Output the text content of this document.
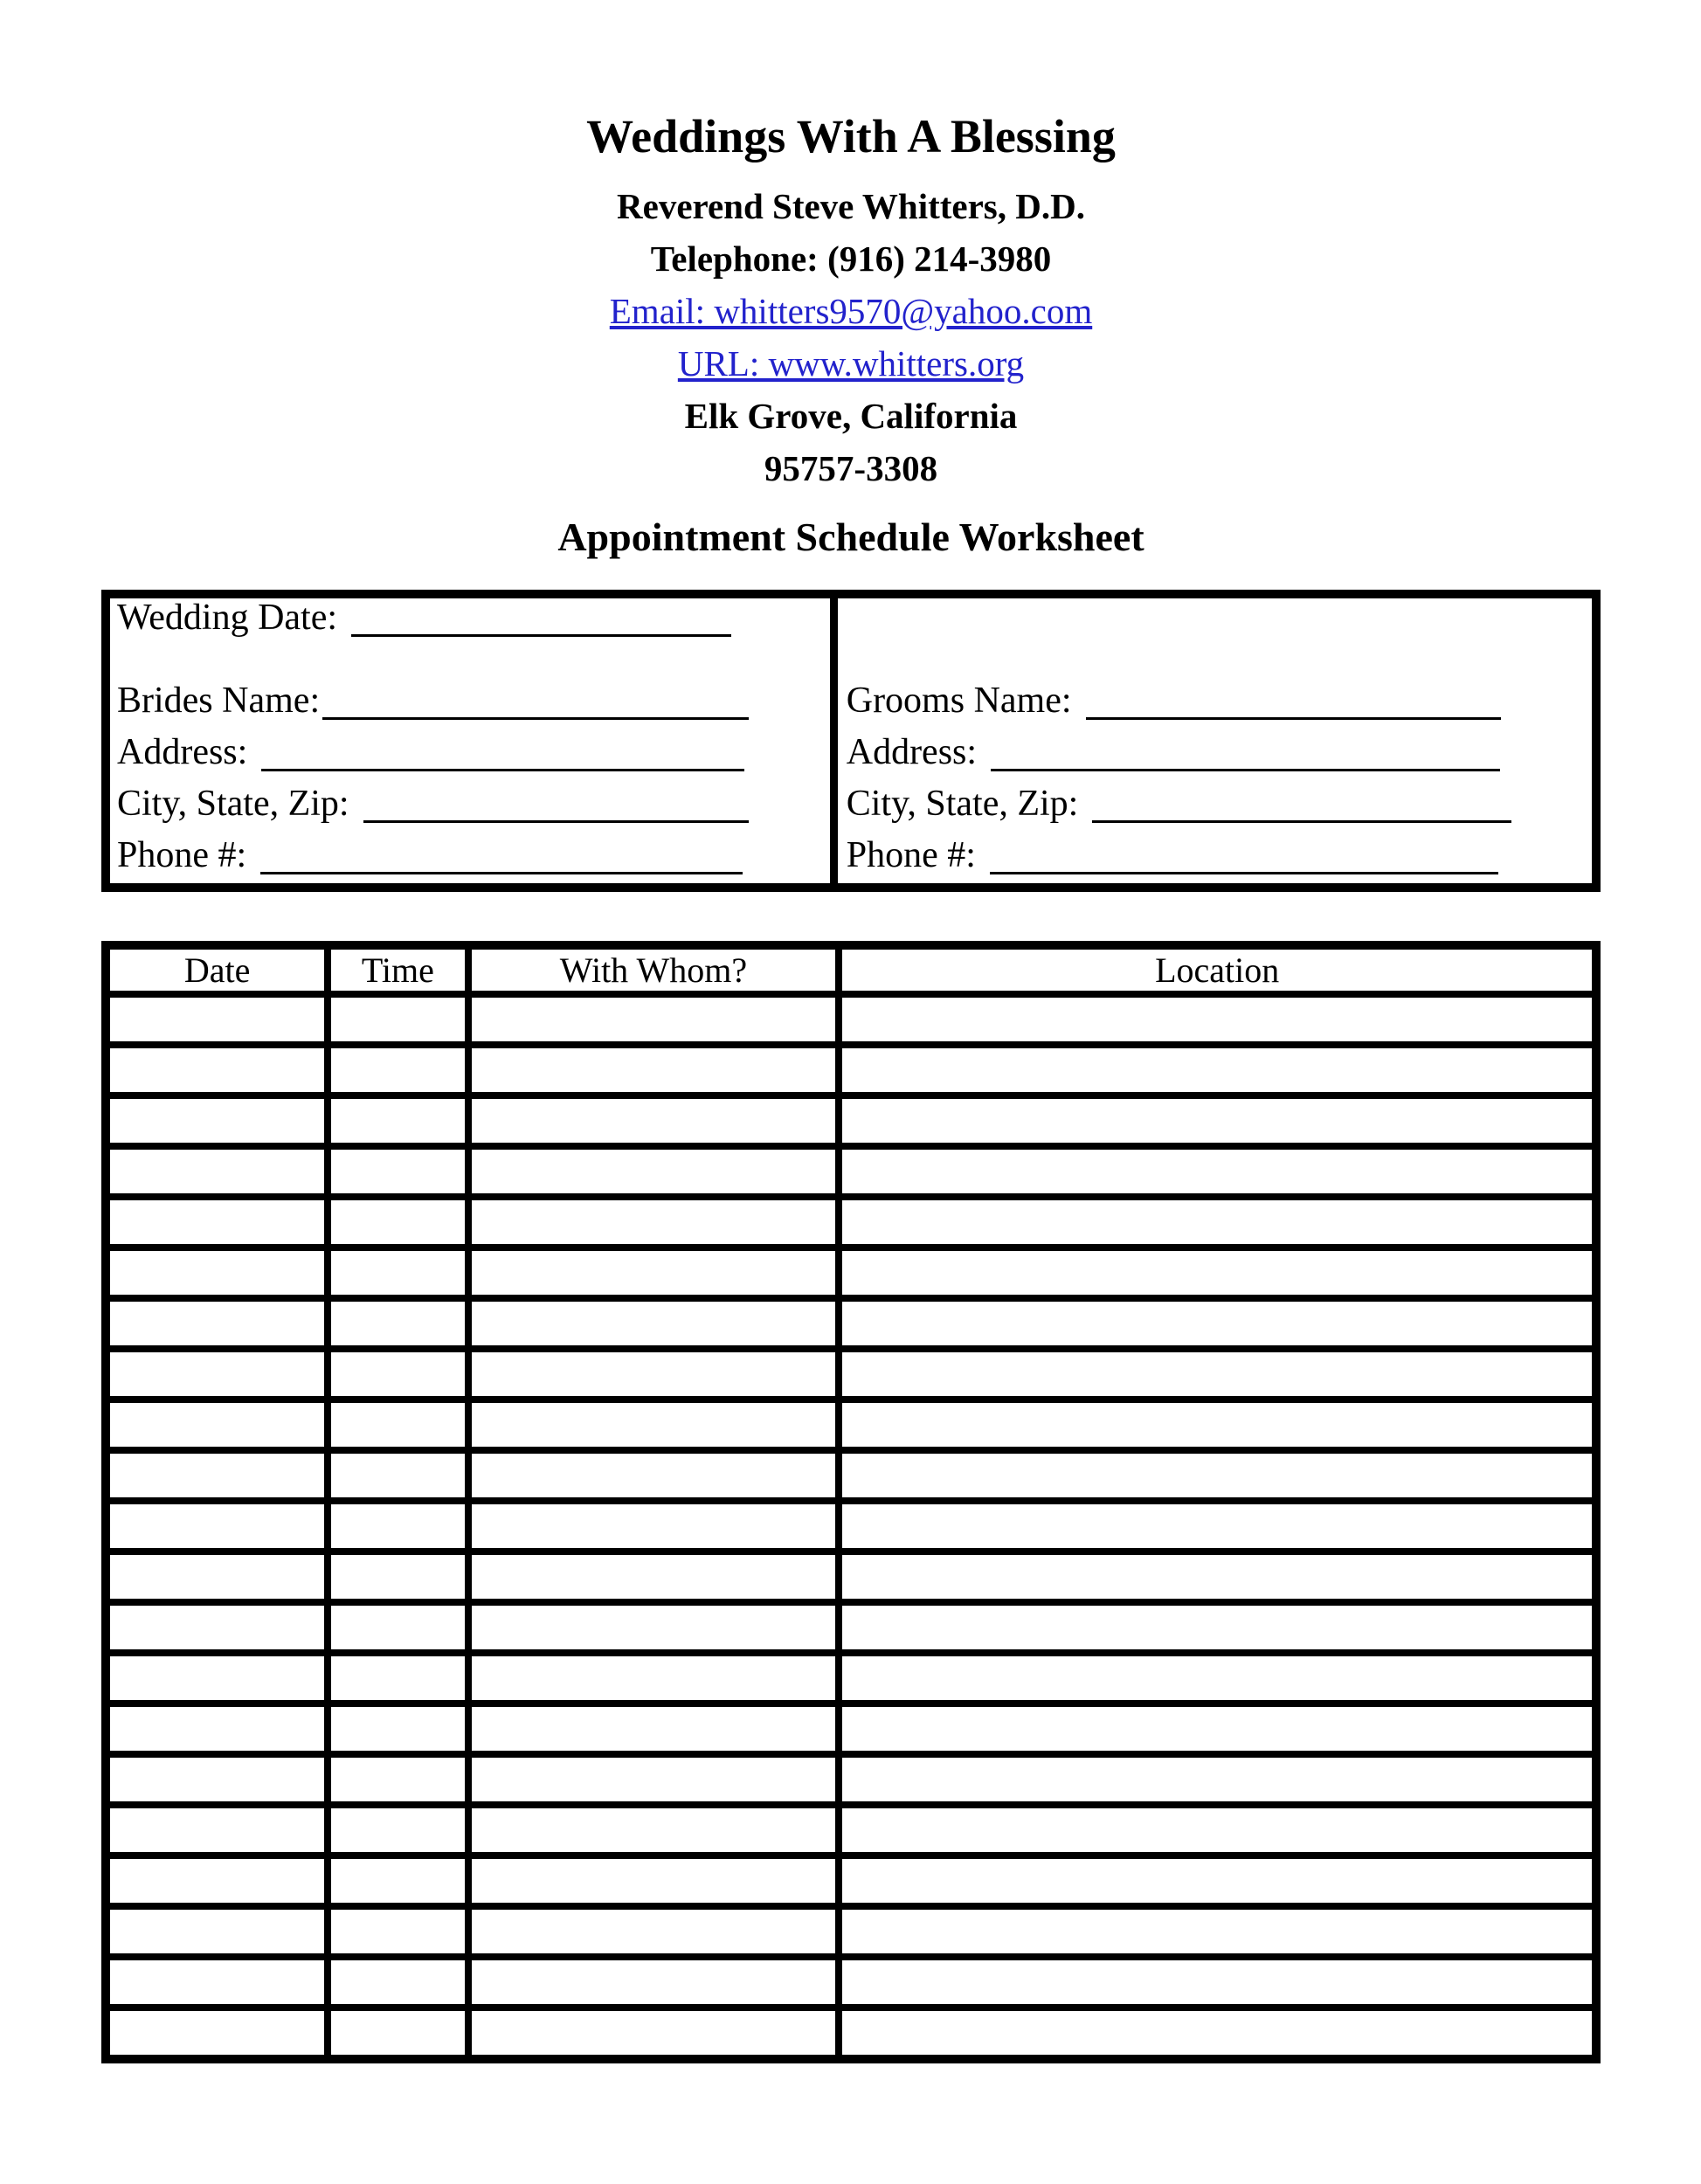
Weddings With A Blessing
Reverend Steve Whitters, D.D.
Telephone: (916) 214-3980
Email: whitters9570@yahoo.com
URL: www.whitters.org
Elk Grove, California
95757-3308
Appointment Schedule Worksheet
Wedding Date:
Brides Name:
Address:
City, State, Zip:
Phone #:
Grooms Name:
Address:
City, State, Zip:
Phone #:
Date	Time	With Whom?	Location
